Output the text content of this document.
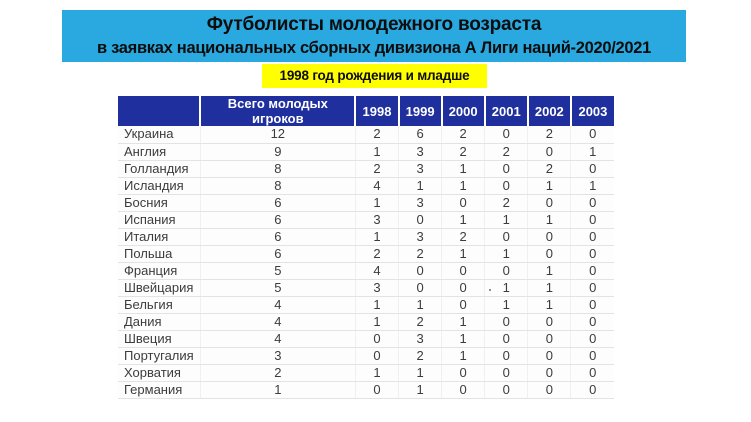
Футболисты молодежного возраста
в заявках национальных сборных дивизиона А Лиги наций-2020/2021
1998 год рождения и младше
	Всего молодых игроков	1998	1999	2000	2001	2002	2003
Украина	12	2	6	2	0	2	0
Англия	9	1	3	2	2	0	1
Голландия	8	2	3	1	0	2	0
Исландия	8	4	1	1	0	1	1
Босния	6	1	3	0	2	0	0
Испания	6	3	0	1	1	1	0
Италия	6	1	3	2	0	0	0
Польша	6	2	2	1	1	0	0
Франция	5	4	0	0	0	1	0
Швейцария	5	3	0	0	1	1	0
Бельгия	4	1	1	0	1	1	0
Дания	4	1	2	1	0	0	0
Швеция	4	0	3	1	0	0	0
Португалия	3	0	2	1	0	0	0
Хорватия	2	1	1	0	0	0	0
Германия	1	0	1	0	0	0	0
